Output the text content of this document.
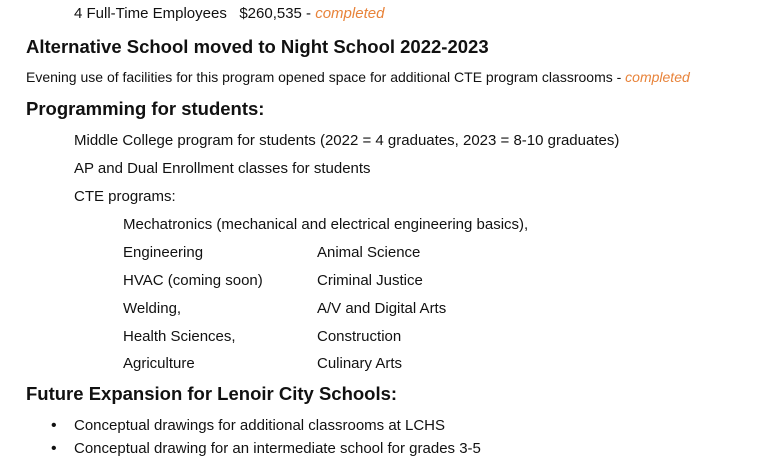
4 Full-Time Employees   $260,535 - completed
Alternative School moved to Night School 2022-2023
Evening use of facilities for this program opened space for additional CTE program classrooms - completed
Programming for students:
Middle College program for students (2022 = 4 graduates, 2023 = 8-10 graduates)
AP and Dual Enrollment classes for students
CTE programs:
Mechatronics (mechanical and electrical engineering basics),
Engineering	Animal Science
HVAC (coming soon)	Criminal Justice
Welding,	A/V and Digital Arts
Health Sciences,	Construction
Agriculture	Culinary Arts
Future Expansion for Lenoir City Schools:
• Conceptual drawings for additional classrooms at LCHS
• Conceptual drawing for an intermediate school for grades 3-5
